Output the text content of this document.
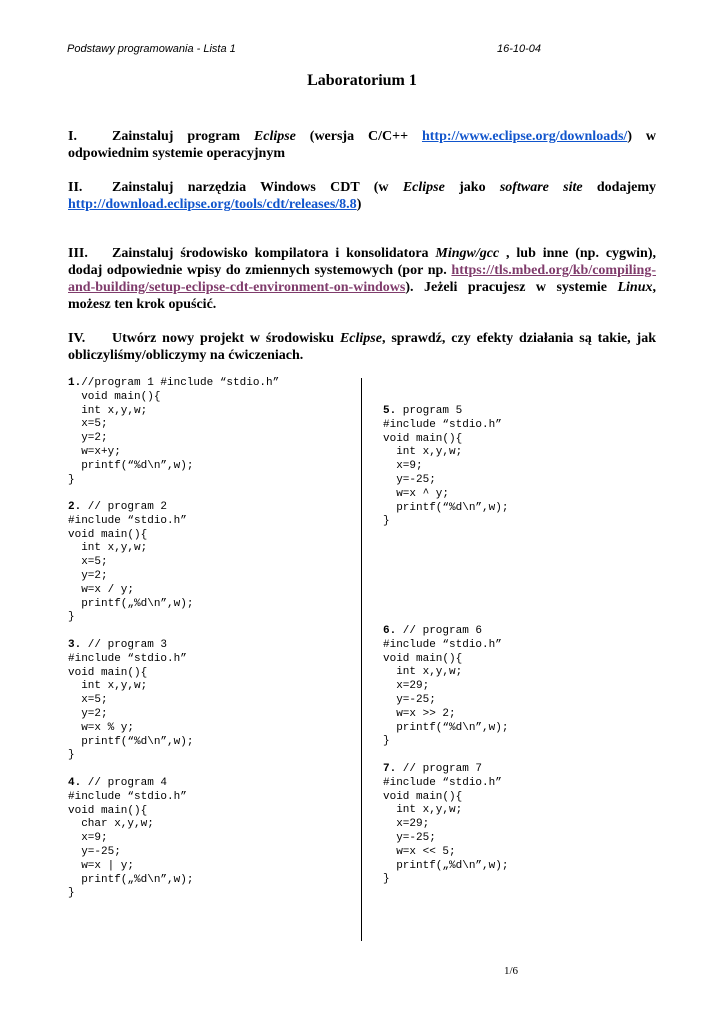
Podstawy programowania - Lista 1	16-10-04
Laboratorium 1
I.	Zainstaluj program Eclipse (wersja C/C++ http://www.eclipse.org/downloads/) w odpowiednim systemie operacyjnym
II. Zainstaluj narzędzia Windows CDT (w Eclipse jako software site dodajemy http://download.eclipse.org/tools/cdt/releases/8.8)
III. Zainstaluj środowisko kompilatora i konsolidatora Mingw/gcc , lub inne (np. cygwin), dodaj odpowiednie wpisy do zmiennych systemowych (por np. https://tls.mbed.org/kb/compiling-and-building/setup-eclipse-cdt-environment-on-windows). Jeżeli pracujesz w systemie Linux, możesz ten krok opuścić.
IV. Utwórz nowy projekt w środowisku Eclipse, sprawdź, czy efekty działania są takie, jak obliczyliśmy/obliczymy na ćwiczeniach.
1.//program 1 #include “stdio.h”
void main(){
int x,y,w;
x=5;
y=2;
w=x+y;
printf(“%d\n”,w);
}
2. // program 2
#include “stdio.h”
void main(){
int x,y,w;
x=5;
y=2;
w=x / y;
printf(„%d\n”,w);
}
3. // program 3
#include “stdio.h”
void main(){
int x,y,w;
x=5;
y=2;
w=x % y;
printf(“%d\n”,w);
}
4. // program 4
#include “stdio.h”
void main(){
char x,y,w;
x=9;
y=-25;
w=x | y;
printf(„%d\n”,w);
}
5. program 5
#include “stdio.h”
void main(){
int x,y,w;
x=9;
y=-25;
w=x ^ y;
printf(“%d\n”,w);
}
6. // program 6
#include “stdio.h”
void main(){
int x,y,w;
x=29;
y=-25;
w=x >> 2;
printf(“%d\n”,w);
}
7. // program 7
#include “stdio.h”
void main(){
int x,y,w;
x=29;
y=-25;
w=x << 5;
printf(„%d\n”,w);
}
1/6
